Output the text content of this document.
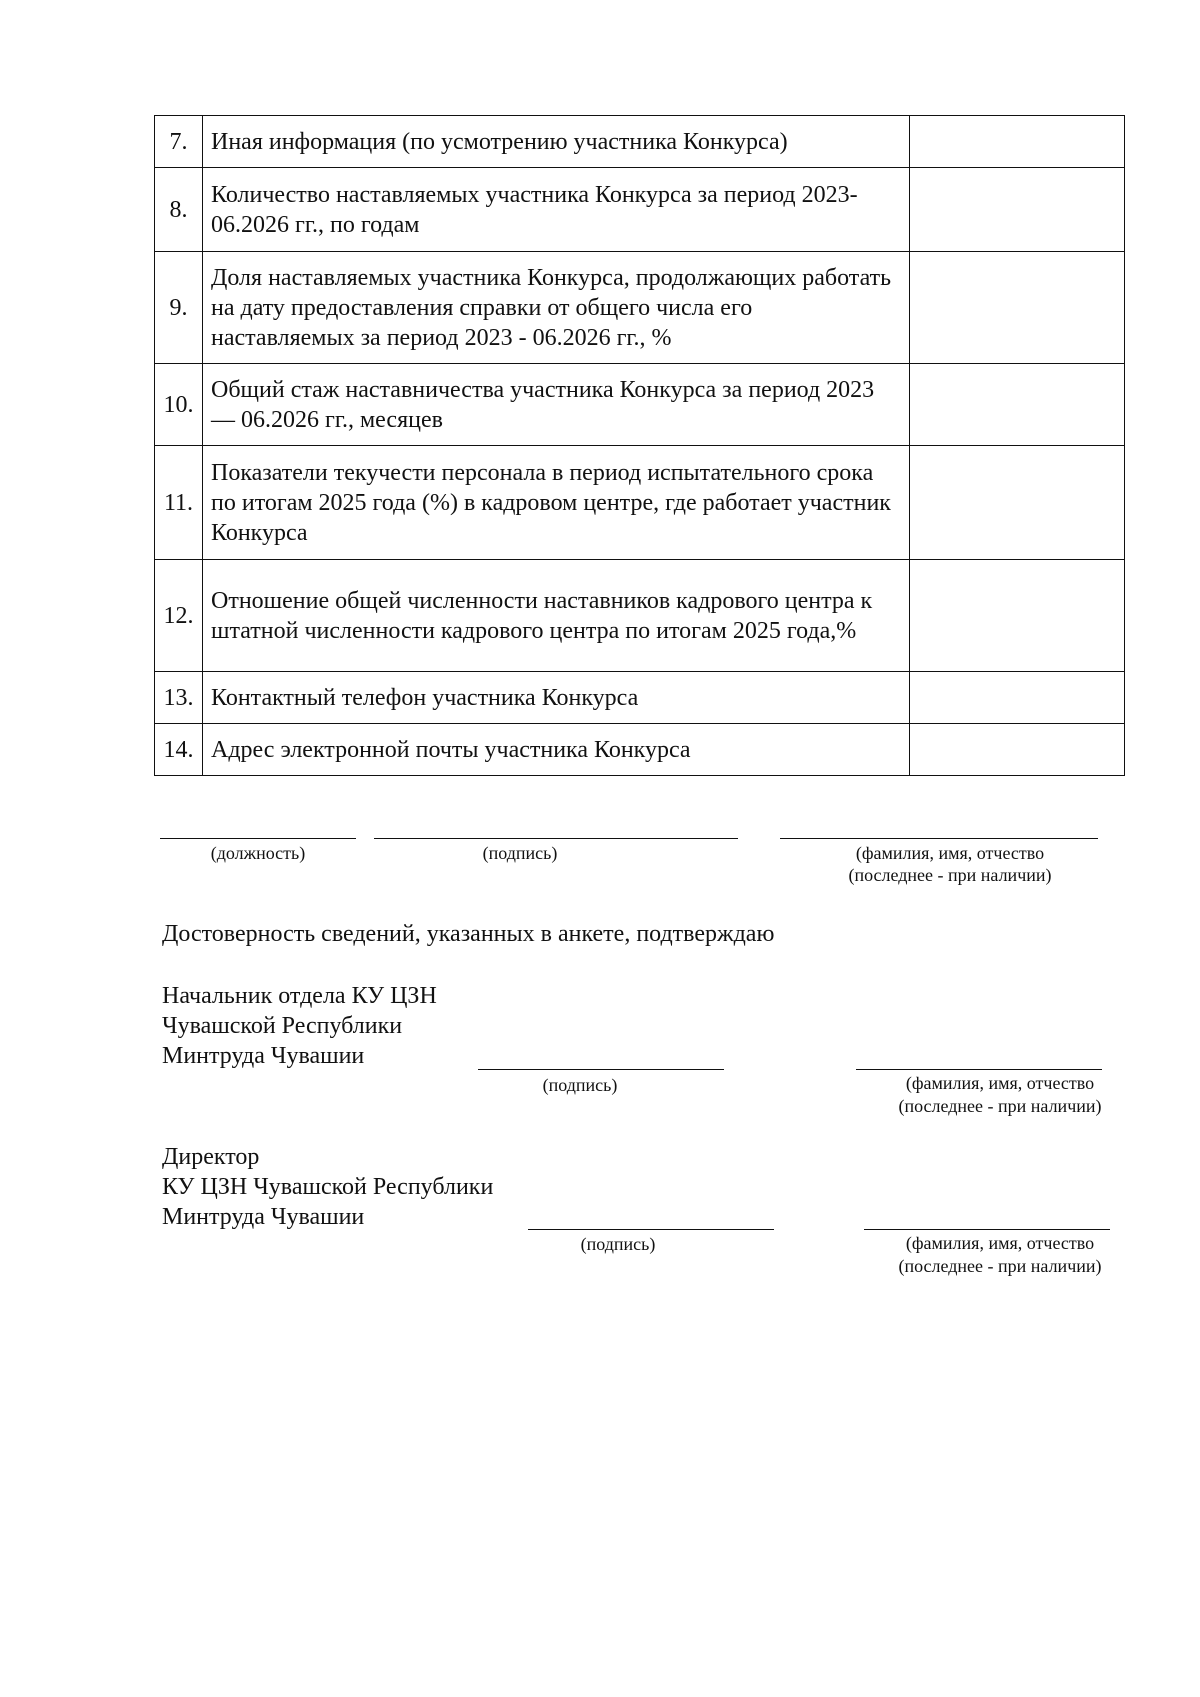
7.	Иная информация (по усмотрению участника Конкурса)	
8.	Количество наставляемых участника Конкурса за период 2023-06.2026 гг., по годам	
9.	Доля наставляемых участника Конкурса, продолжающих работать на дату предоставления справки от общего числа его наставляемых за период 2023 - 06.2026 гг., %	
10.	Общий стаж наставничества участника Конкурса за период 2023 — 06.2026 гг., месяцев	
11.	Показатели текучести персонала в период испытательного срока по итогам 2025 года (%) в кадровом центре, где работает участник Конкурса	
12.	Отношение общей численности наставников кадрового центра к штатной численности кадрового центра по итогам 2025 года,%	
13.	Контактный телефон участника Конкурса	
14.	Адрес электронной почты участника Конкурса	
(должность)	(подпись)	(фамилия, имя, отчество
(последнее - при наличии)
Достоверность сведений, указанных в анкете, подтверждаю
Начальник отдела КУ ЦЗН
Чувашской Республики
Минтруда Чувашии
(подпись)	(фамилия, имя, отчество
(последнее - при наличии)
Директор
КУ ЦЗН Чувашской Республики
Минтруда Чувашии
(подпись)	(фамилия, имя, отчество
(последнее - при наличии)
